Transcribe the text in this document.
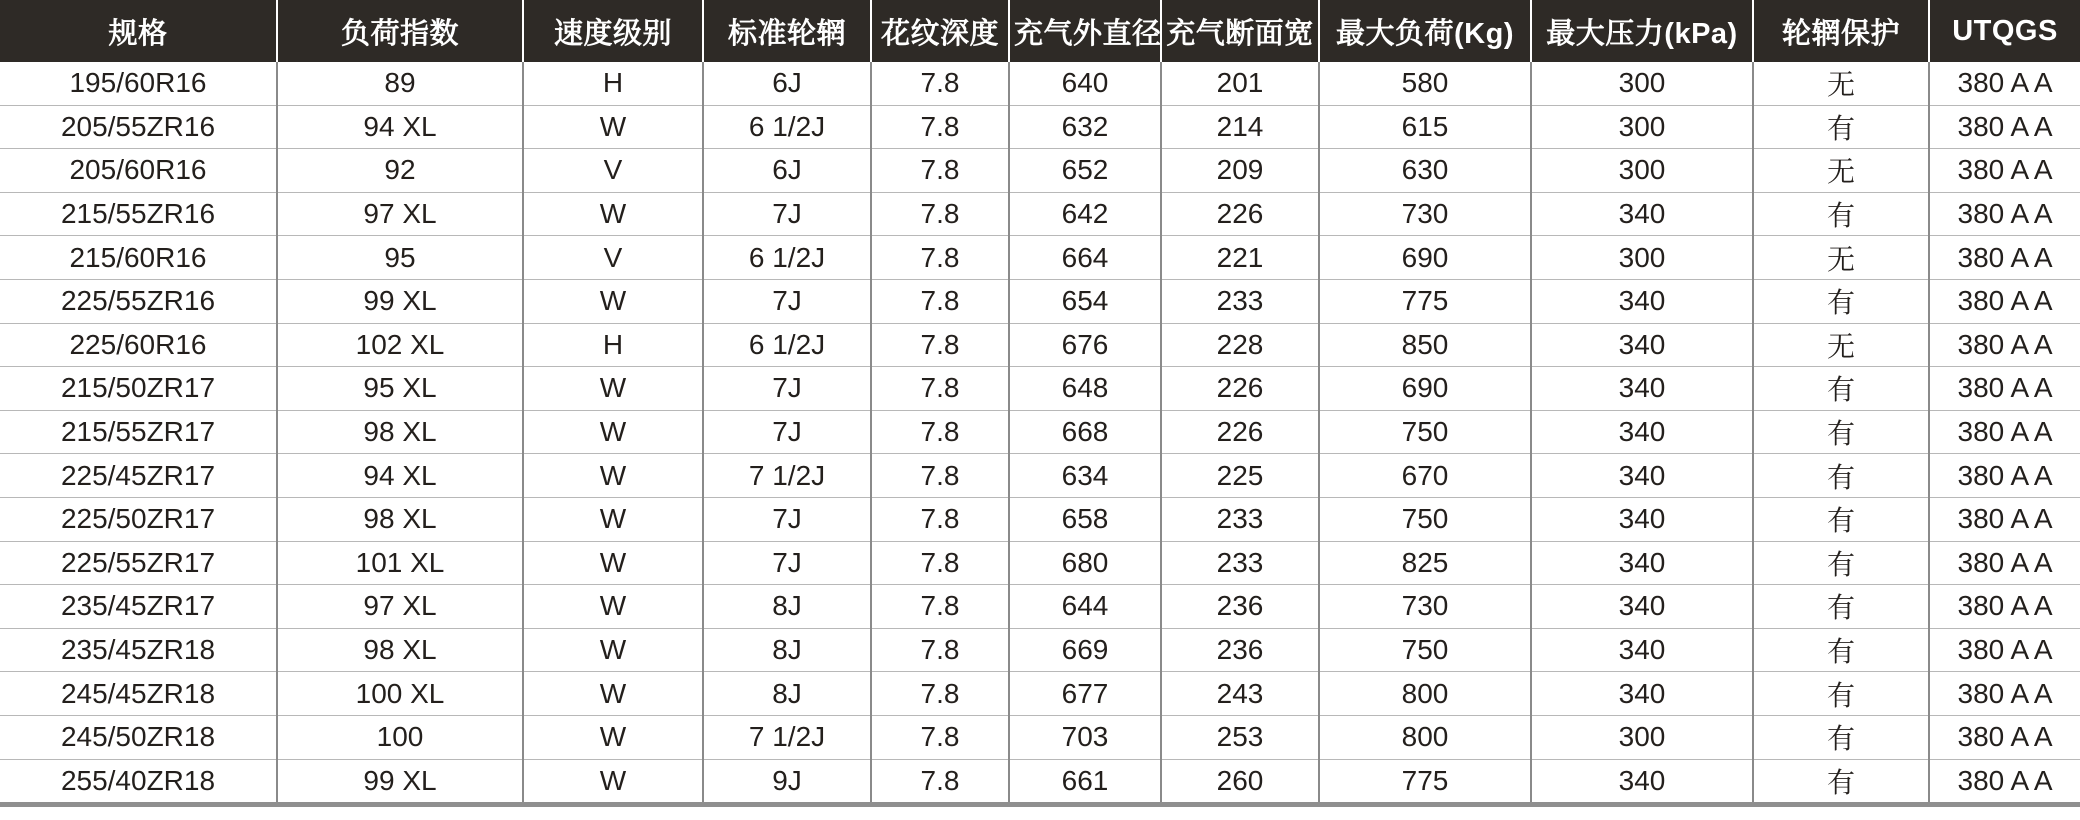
规格	负荷指数	速度级别	标准轮辋	花纹深度	充气外直径	充气断面宽	最大负荷(Kg)	最大压力(kPa)	轮辋保护	UTQGS
195/60R16	89	H	6J	7.8	640	201	580	300	无	380 A A
205/55ZR16	94 XL	W	6 1/2J	7.8	632	214	615	300	有	380 A A
205/60R16	92	V	6J	7.8	652	209	630	300	无	380 A A
215/55ZR16	97 XL	W	7J	7.8	642	226	730	340	有	380 A A
215/60R16	95	V	6 1/2J	7.8	664	221	690	300	无	380 A A
225/55ZR16	99 XL	W	7J	7.8	654	233	775	340	有	380 A A
225/60R16	102 XL	H	6 1/2J	7.8	676	228	850	340	无	380 A A
215/50ZR17	95 XL	W	7J	7.8	648	226	690	340	有	380 A A
215/55ZR17	98 XL	W	7J	7.8	668	226	750	340	有	380 A A
225/45ZR17	94 XL	W	7 1/2J	7.8	634	225	670	340	有	380 A A
225/50ZR17	98 XL	W	7J	7.8	658	233	750	340	有	380 A A
225/55ZR17	101 XL	W	7J	7.8	680	233	825	340	有	380 A A
235/45ZR17	97 XL	W	8J	7.8	644	236	730	340	有	380 A A
235/45ZR18	98 XL	W	8J	7.8	669	236	750	340	有	380 A A
245/45ZR18	100 XL	W	8J	7.8	677	243	800	340	有	380 A A
245/50ZR18	100	W	7 1/2J	7.8	703	253	800	300	有	380 A A
255/40ZR18	99 XL	W	9J	7.8	661	260	775	340	有	380 A A
